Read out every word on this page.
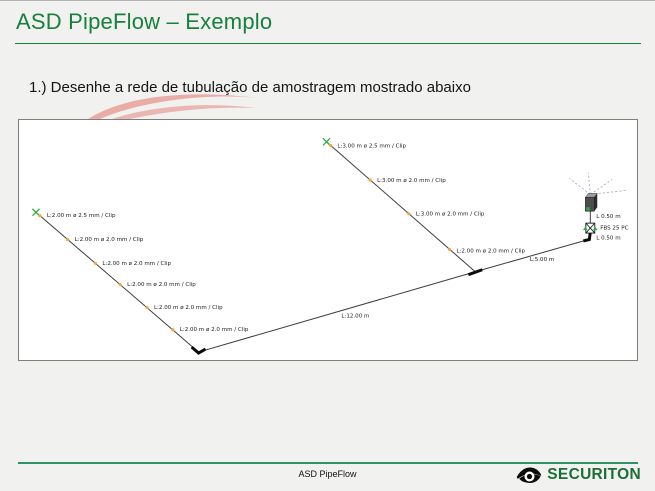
ASD PipeFlow – Exemplo

1.) Desenhe a rede de tubulação de amostragem mostrado abaixo

L:2.00 m ø 2.5 mm / Clip
L:2.00 m ø 2.0 mm / Clip
L:2.00 m ø 2.0 mm / Clip
L:2.00 m ø 2.0 mm / Clip
L:2.00 m ø 2.0 mm / Clip
L:2.00 m ø 2.0 mm / Clip
L:3.00 m ø 2.5 mm / Clip
L:3.00 m ø 2.0 mm / Clip
L:3.00 m ø 2.0 mm / Clip
L:2.00 m ø 2.0 mm / Clip
L:12.00 m
L:5.00 m
L 0.50 m
FBS 25 PC
L 0.50 m
ASD PipeFlow	SECURITON
